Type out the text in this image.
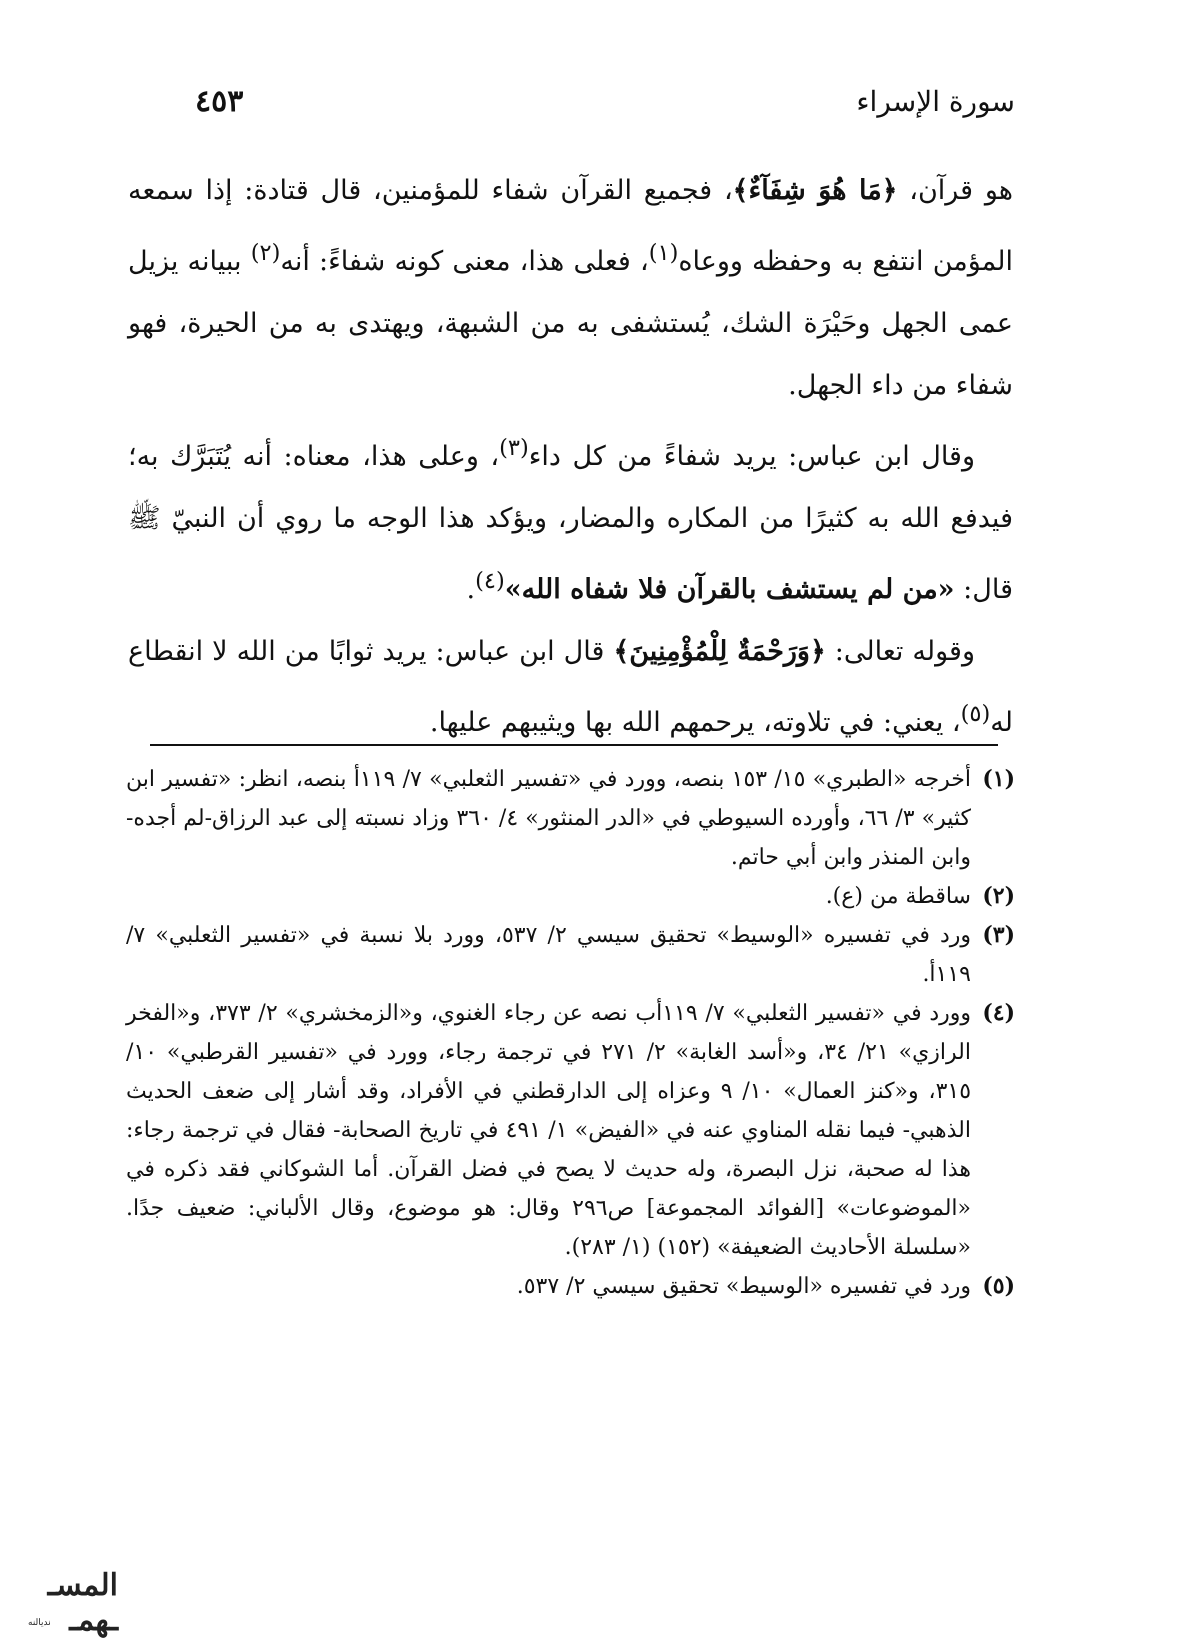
سورة الإسراء
٤٥٣

هو قرآن، ﴿مَا هُوَ شِفَآءٌ﴾، فجميع القرآن شفاء للمؤمنين، قال قتادة: إذا سمعه المؤمن انتفع به وحفظه ووعاه$^{(١)}$، فعلى هذا، معنى كونه شفاءً: أنه$^{(٢)}$ ببيانه يزيل عمى الجهل وحَيْرَة الشك، يُستشفى به من الشبهة، ويهتدى به من الحيرة، فهو شفاء من داء الجهل.

وقال ابن عباس: يريد شفاءً من كل داء$^{(٣)}$، وعلى هذا، معناه: أنه يُتَبَرَّك به؛ فيدفع الله به كثيرًا من المكاره والمضار، ويؤكد هذا الوجه ما روي أن النبيّ ﷺ قال: «من لم يستشف بالقرآن فلا شفاه الله»$^{(٤)}$.

وقوله تعالى: ﴿وَرَحْمَةٌ لِلْمُؤْمِنِينَ﴾ قال ابن عباس: يريد ثوابًا من الله لا انقطاع له$^{(٥)}$، يعني: في تلاوته، يرحمهم الله بها ويثيبهم عليها.

(١)
أخرجه «الطبري» ١٥/ ١٥٣ بنصه، وورد في «تفسير الثعلبي» ٧/ ١١٩أ بنصه، انظر: «تفسير ابن كثير» ٣/ ٦٦، وأورده السيوطي في «الدر المنثور» ٤/ ٣٦٠ وزاد نسبته إلى عبد الرزاق-لم أجده- وابن المنذر وابن أبي حاتم.
(٢)
ساقطة من (ع).
(٣)
ورد في تفسيره «الوسيط» تحقيق سيسي ٢/ ٥٣٧، وورد بلا نسبة في «تفسير الثعلبي» ٧/ ١١٩أ.
(٤)
وورد في «تفسير الثعلبي» ٧/ ١١٩أب نصه عن رجاء الغنوي، و«الزمخشري» ٢/ ٣٧٣، و«الفخر الرازي» ٢١/ ٣٤، و«أسد الغابة» ٢/ ٢٧١ في ترجمة رجاء، وورد في «تفسير القرطبي» ١٠/ ٣١٥، و«كنز العمال» ١٠/ ٩ وعزاه إلى الدارقطني في الأفراد، وقد أشار إلى ضعف الحديث الذهبي- فيما نقله المناوي عنه في «الفيض» ١/ ٤٩١ في تاريخ الصحابة- فقال في ترجمة رجاء: هذا له صحبة، نزل البصرة، وله حديث لا يصح في فضل القرآن. أما الشوكاني فقد ذكره في «الموضوعات» [الفوائد المجموعة] ص٢٩٦ وقال: هو موضوع، وقال الألباني: ضعيف جدًا. «سلسلة الأحاديث الضعيفة» (١٥٢) (١/ ٢٨٣).
(٥)
ورد في تفسيره «الوسيط» تحقيق سيسي ٢/ ٥٣٧.
المسـ ـهمـ
نديالنه
